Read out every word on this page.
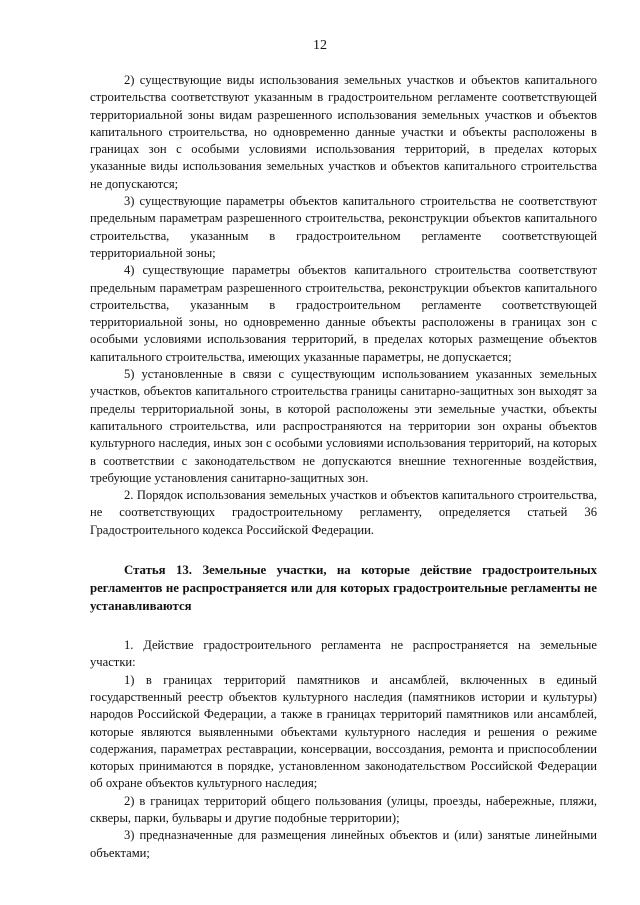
12

2) существующие виды использования земельных участков и объектов капитального строительства соответствуют указанным в градостроительном регламенте соответствующей территориальной зоны видам разрешенного использования земельных участков и объектов капитального строительства, но одновременно данные участки и объекты расположены в границах зон с особыми условиями использования территорий, в пределах которых указанные виды использования земельных участков и объектов капитального строительства не допускаются;

3) существующие параметры объектов капитального строительства не соответствуют предельным параметрам разрешенного строительства, реконструкции объектов капитального строительства, указанным в градостроительном регламенте соответствующей территориальной зоны;

4) существующие параметры объектов капитального строительства соответствуют предельным параметрам разрешенного строительства, реконструкции объектов капитального строительства, указанным в градостроительном регламенте соответствующей территориальной зоны, но одновременно данные объекты расположены в границах зон с особыми условиями использования территорий, в пределах которых размещение объектов капитального строительства, имеющих указанные параметры, не допускается;

5) установленные в связи с существующим использованием указанных земельных участков, объектов капитального строительства границы санитарно-защитных зон выходят за пределы территориальной зоны, в которой расположены эти земельные участки, объекты капитального строительства, или распространяются на территории зон охраны объектов культурного наследия, иных зон с особыми условиями использования территорий, на которых в соответствии с законодательством не допускаются внешние техногенные воздействия, требующие установления санитарно-защитных зон.

2. Порядок использования земельных участков и объектов капитального строительства, не соответствующих градостроительному регламенту, определяется статьей 36 Градостроительного кодекса Российской Федерации.

Статья 13. Земельные участки, на которые действие градостроительных регламентов не распространяется или для которых градостроительные регламенты не устанавливаются

1. Действие градостроительного регламента не распространяется на земельные участки:

1) в границах территорий памятников и ансамблей, включенных в единый государственный реестр объектов культурного наследия (памятников истории и культуры) народов Российской Федерации, а также в границах территорий памятников или ансамблей, которые являются выявленными объектами культурного наследия и решения о режиме содержания, параметрах реставрации, консервации, воссоздания, ремонта и приспособлении которых принимаются в порядке, установленном законодательством Российской Федерации об охране объектов культурного наследия;

2) в границах территорий общего пользования (улицы, проезды, набережные, пляжи, скверы, парки, бульвары и другие подобные территории);

3) предназначенные для размещения линейных объектов и (или) занятые линейными объектами;
